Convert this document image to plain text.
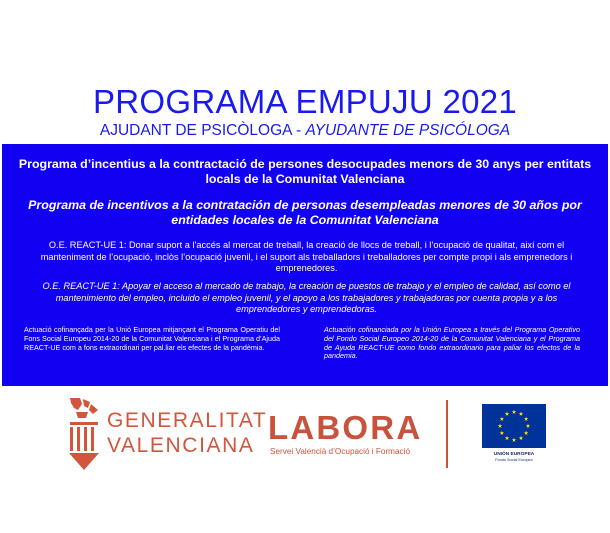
PROGRAMA EMPUJU 2021
AJUDANT DE PSICÒLOGA - AYUDANTE DE PSICÓLOGA
Programa d’incentius a la contractació de persones desocupades menors de 30 anys per entitats locals de la Comunitat Valenciana
Programa de incentivos a la contratación de personas desempleadas menores de 30 años por entidades locales de la Comunitat Valenciana
O.E. REACT-UE 1: Donar suport a l’accés al mercat de treball, la creació de llocs de treball, i l’ocupació de qualitat, així com el manteniment de l’ocupació, inclòs l’ocupació juvenil, i el suport als treballadors i treballadores per compte propi i als emprenedors i emprenedores.
O.E. REACT-UE 1: Apoyar el acceso al mercado de trabajo, la creación de puestos de trabajo y el empleo de calidad, así como el mantenimiento del empleo, incluido el empleo juvenil, y el apoyo a los trabajadores y trabajadoras por cuenta propia y a los emprendedores y emprendedoras.
Actuació cofinançada per la Unió Europea mitjançant el Programa Operatiu del Fons Social Europeu 2014-20 de la Comunitat Valenciana i el Programa d’Ajuda REACT-UE com a fons extraordinari per pal.liar els efectes de la pandèmia.
Actuación cofinanciada por la Unión Europea a través del Programa Operativo del Fondo Social Europeo 2014-20 de la Comunitat Valenciana y el Programa de Ayuda REACT-UE como fondo extraordinario para paliar los efectos de la pandemia.
GENERALITAT
VALENCIANA LABORA
Servei Valencià d’Ocupació i Formació	UNIÓN EUROPEA
Fondo Social Europeo
